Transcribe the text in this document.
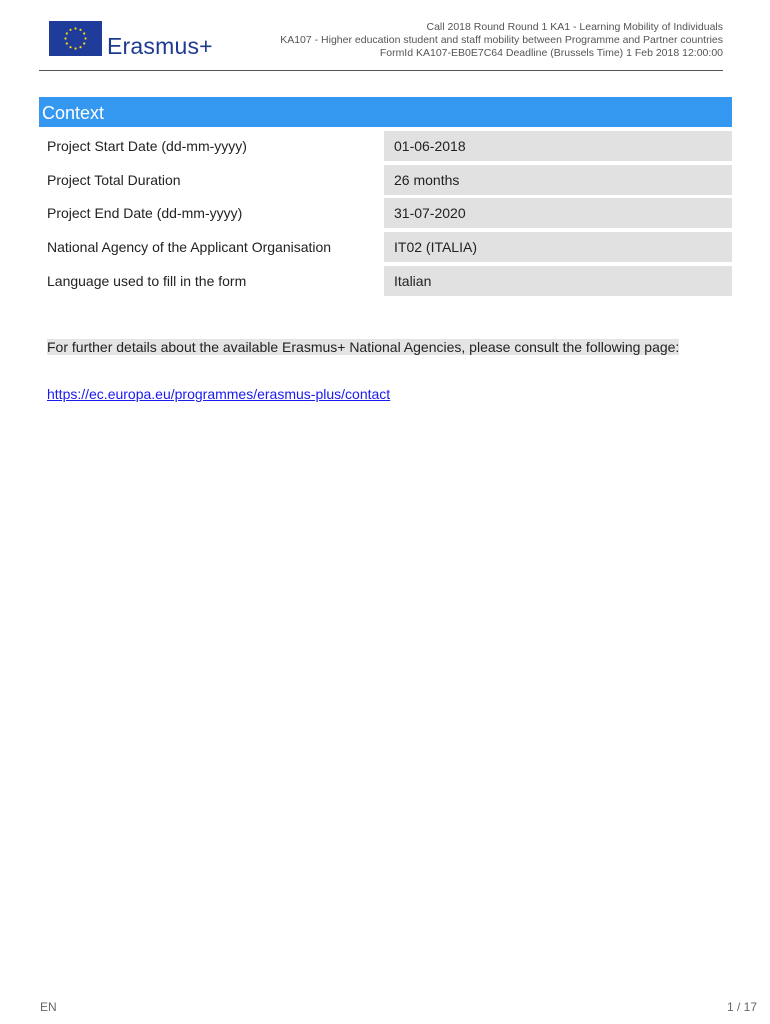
Erasmus+
Call 2018 Round Round 1 KA1 - Learning Mobility of Individuals
KA107 - Higher education student and staff mobility between Programme and Partner countries
FormId KA107-EB0E7C64 Deadline (Brussels Time) 1 Feb 2018 12:00:00
Context
Project Start Date (dd-mm-yyyy)	01-06-2018
Project Total Duration	26 months
Project End Date (dd-mm-yyyy)	31-07-2020
National Agency of the Applicant Organisation	IT02 (ITALIA)
Language used to fill in the form	Italian
For further details about the available Erasmus+ National Agencies, please consult the following page:
https://ec.europa.eu/programmes/erasmus-plus/contact
EN	1 / 17
